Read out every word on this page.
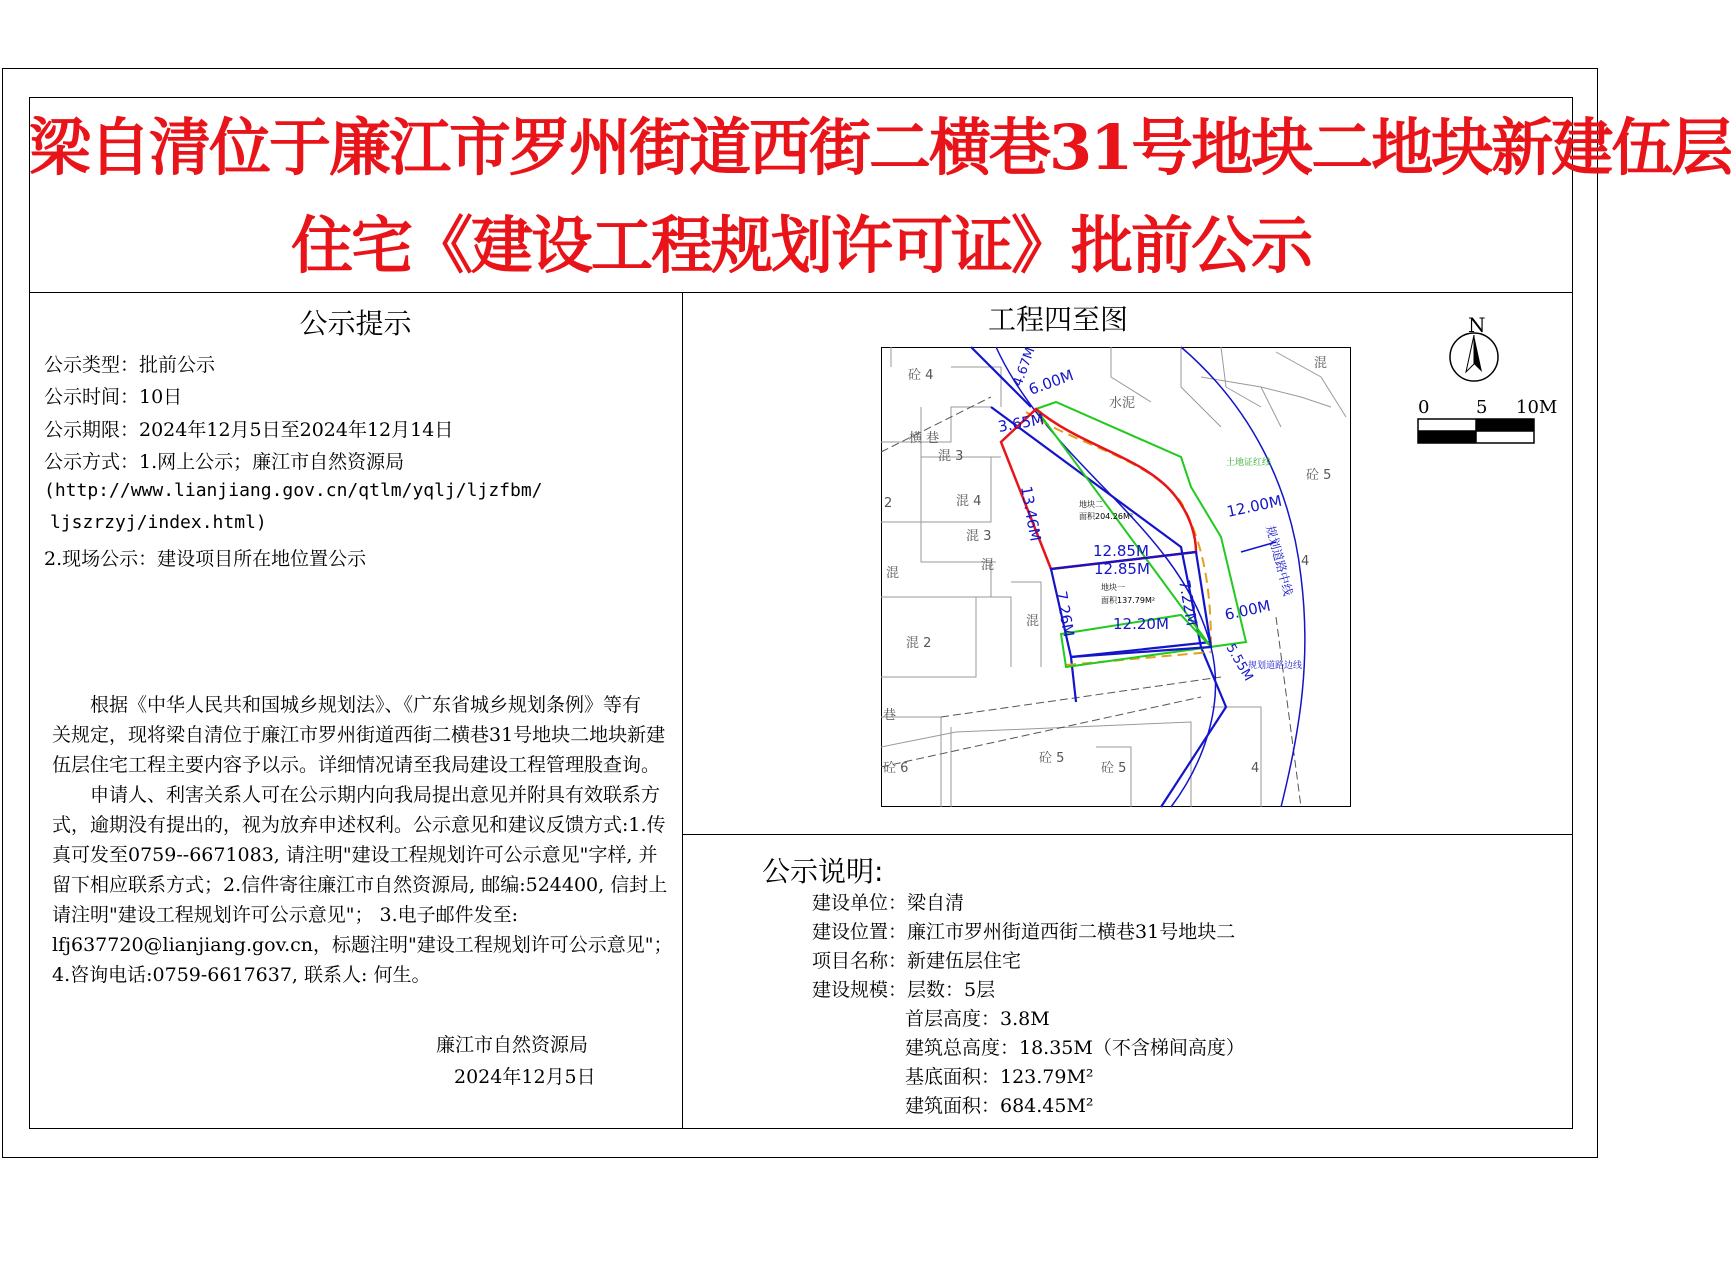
梁自清位于廉江市罗州街道西街二横巷31号地块二地块新建伍层
住宅《建设工程规划许可证》批前公示
公示提示
公示类型：批前公示
公示时间：10日
公示期限：2024年12月5日至2024年12月14日
公示方式：1.网上公示；廉江市自然资源局
(http://www.lianjiang.gov.cn/qtlm/yqlj/ljzfbm/
ljszrzyj/index.html)
2.现场公示：建设项目所在地位置公示

根据《中华人民共和国城乡规划法》、《广东省城乡规划条例》等有

关规定，现将梁自清位于廉江市罗州街道西街二横巷31号地块二地块新建

伍层住宅工程主要内容予以示。详细情况请至我局建设工程管理股查询。

申请人、利害关系人可在公示期内向我局提出意见并附具有效联系方

式，逾期没有提出的，视为放弃申述权利。公示意见和建议反馈方式:1.传

真可发至0759--6671083, 请注明"建设工程规划许可公示意见"字样, 并

留下相应联系方式；2.信件寄往廉江市自然资源局, 邮编:524400, 信封上

请注明"建设工程规划许可公示意见"； 3.电子邮件发至:

lfj637720@lianjiang.gov.cn，标题注明"建设工程规划许可公示意见"；

4.咨询电话:0759-6617637, 联系人: 何生。

廉江市自然资源局
2024年12月5日
工程四至图
砼 4
混 3
混 4
混 3
混
混
混 2
混
混
砼 5
砼 6	砼 5
砼 5
4
2
4
横 巷
巷
水泥
地块二
面积204.26M²
地块一
面积137.79M²
12.85M
12.85M
12.20M
13.46M
7.22M
7.26M
12.00M
6.00M
6.00M
3.65M
4.67M
5.55M
规划道路中线
规划道路边线
土地证红线
N
0	5 10M
公示说明:
建设单位：梁自清
建设位置：廉江市罗州街道西街二横巷31号地块二
项目名称：新建伍层住宅
建设规模：层数：5层
首层高度：3.8M
建筑总高度：18.35M（不含梯间高度）
基底面积：123.79M²
建筑面积：684.45M²
